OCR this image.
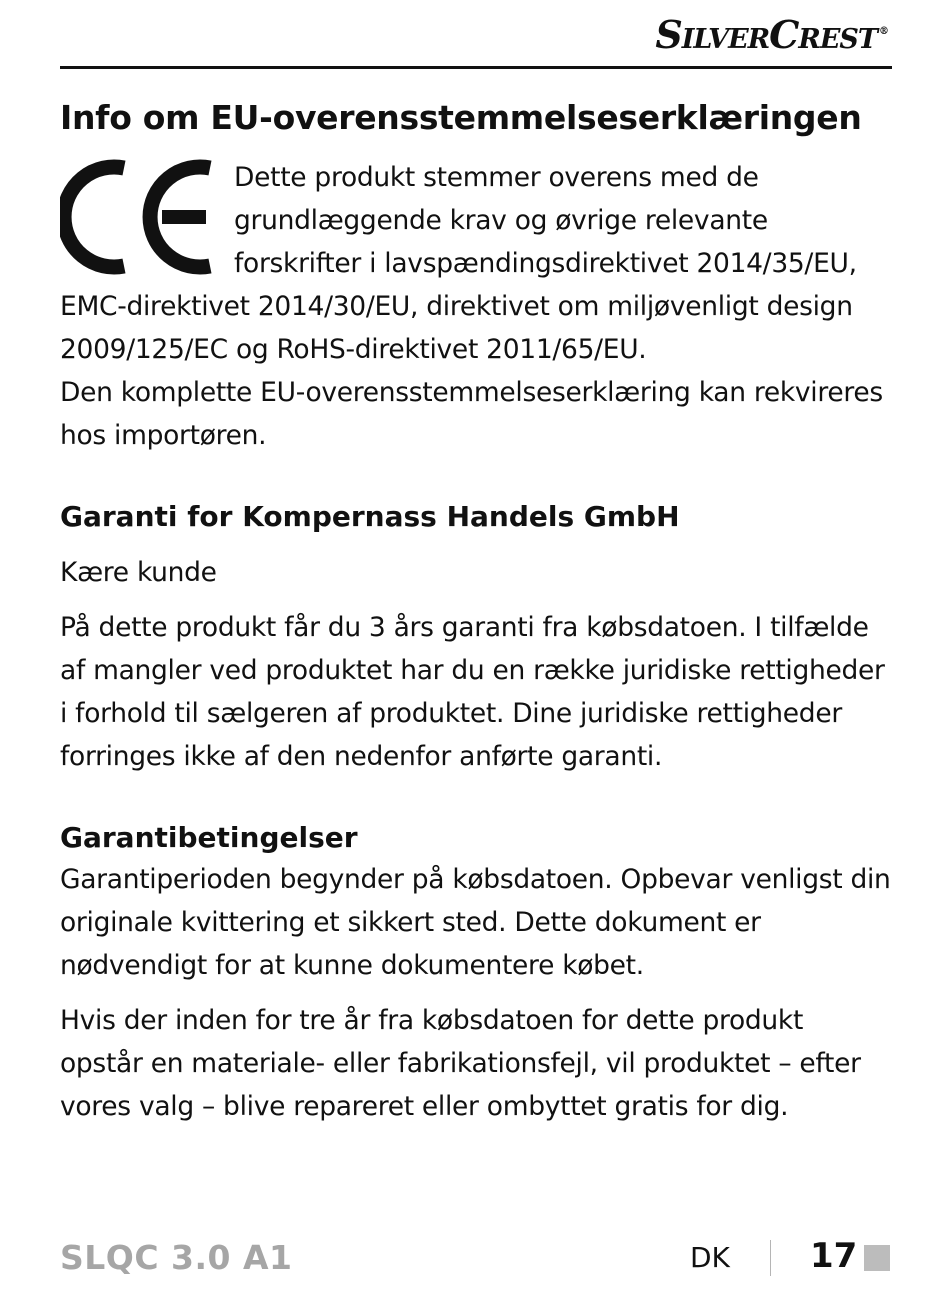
SilverCrest ®
Info om EU-overensstemmelseserklæringen

Dette produkt stemmer overens med de grundlæggende krav og øvrige relevante forskrifter i lavspændingsdirektivet 2014/35/EU, EMC-direktivet 2014/30/EU, direktivet om miljøvenligt design 2009/125/EC og RoHS-direktivet 2011/65/EU.

Den komplette EU-overensstemmelseserklæring kan rekvireres hos importøren.

Garanti for Kompernass Handels GmbH

Kære kunde

På dette produkt får du 3 års garanti fra købsdatoen. I tilfælde af mangler ved produktet har du en række juridiske rettigheder i forhold til sælgeren af produktet. Dine juridiske rettigheder forringes ikke af den nedenfor anførte garanti.

Garantibetingelser

Garantiperioden begynder på købsdatoen. Opbevar venligst din originale kvittering et sikkert sted. Dette dokument er nødvendigt for at kunne dokumentere købet.

Hvis der inden for tre år fra købsdatoen for dette produkt opstår en materiale- eller fabrikationsfejl, vil produktet – efter vores valg – blive repareret eller ombyttet gratis for dig.

SLQC 3.0 A1	DK 17
